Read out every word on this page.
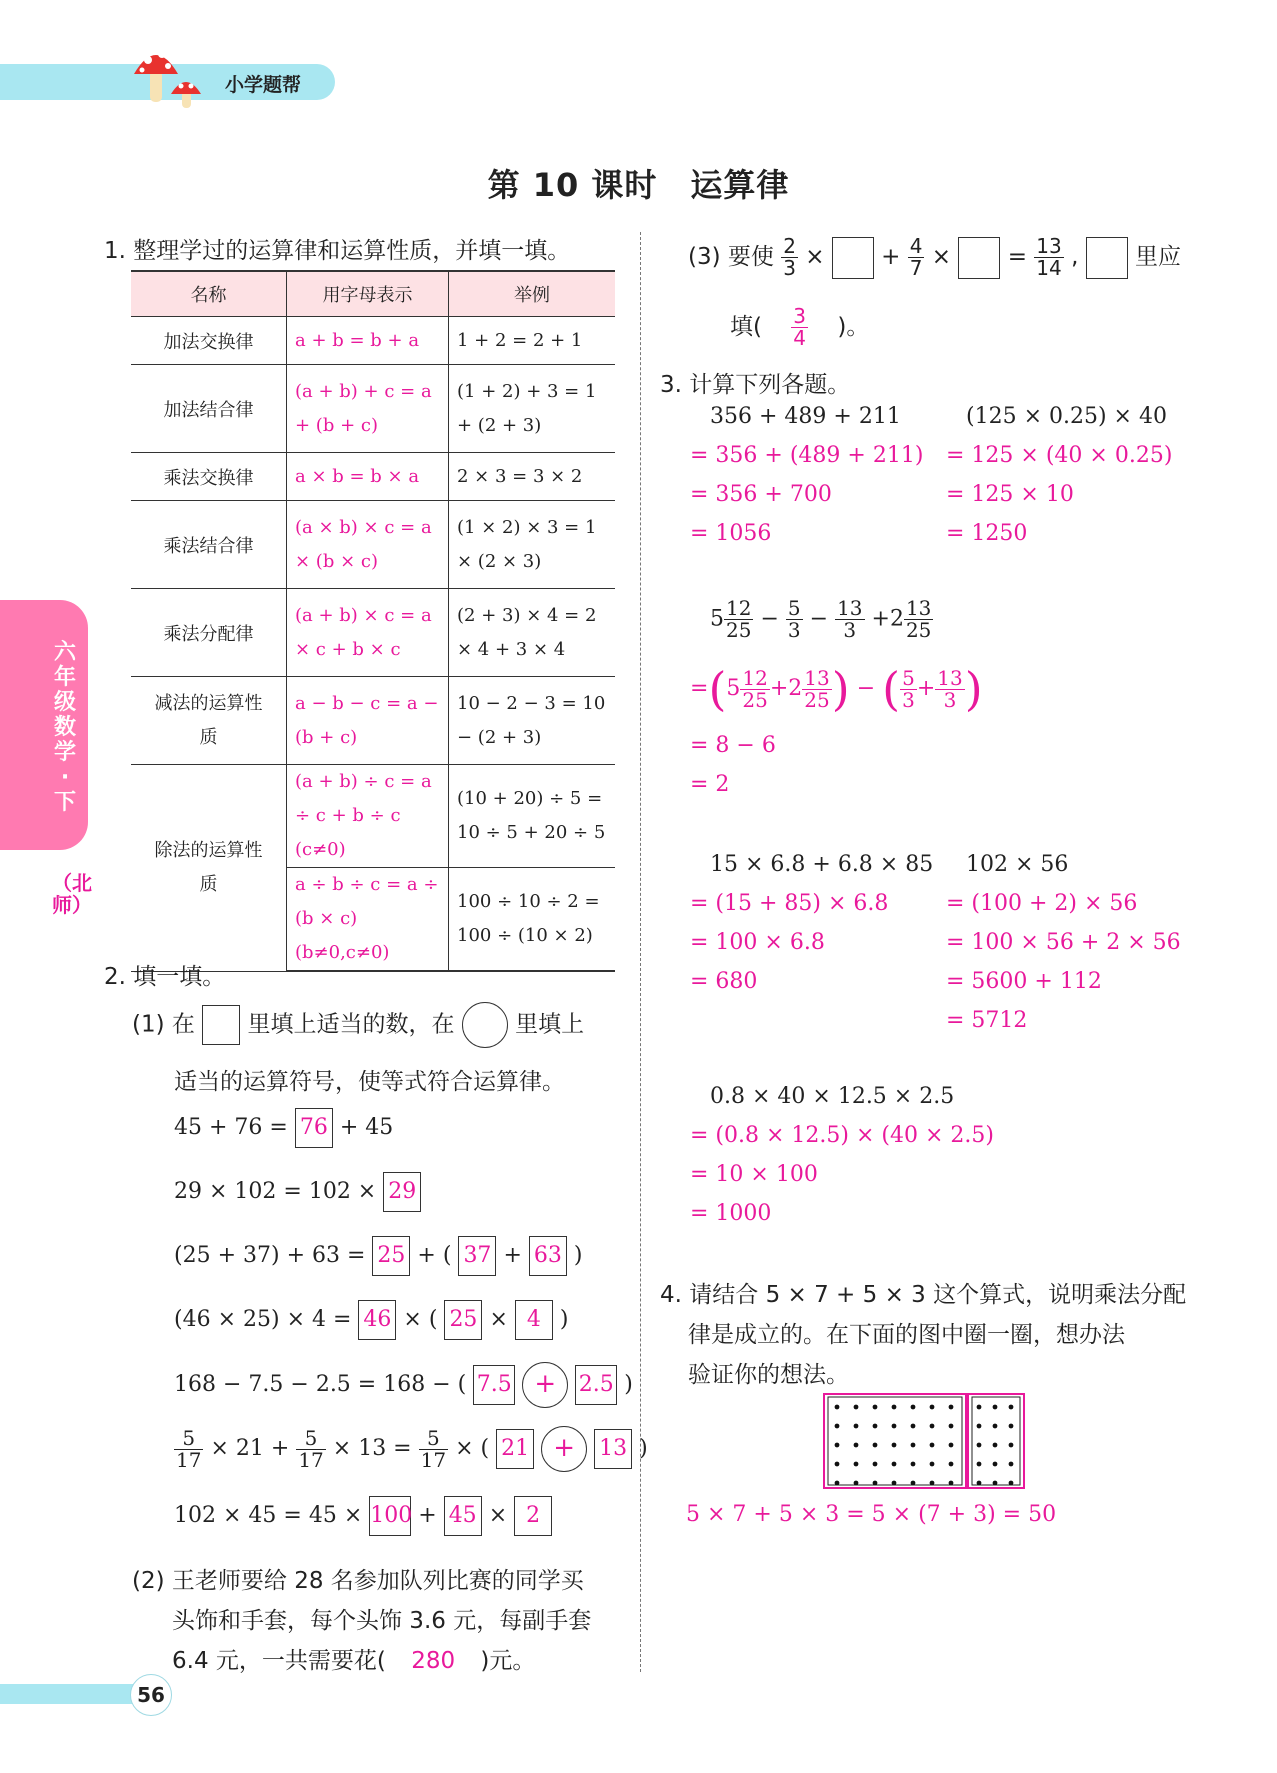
小学题帮
第 10 课时　运算律
六年级数学·下
（北师）
1. 整理学过的运算律和运算性质，并填一填。
名称	用字母表示	举例
加法交换律	a + b = b + a	1 + 2 = 2 + 1
加法结合律	(a + b) + c = a + (b + c)	(1 + 2) + 3 = 1 + (2 + 3)
乘法交换律	a × b = b × a	2 × 3 = 3 × 2
乘法结合律	(a × b) × c = a × (b × c)	(1 × 2) × 3 = 1 × (2 × 3)
乘法分配律	(a + b) × c = a × c + b × c	(2 + 3) × 4 = 2 × 4 + 3 × 4
减法的运算性质	a − b − c = a − (b + c)	10 − 2 − 3 = 10 − (2 + 3)
除法的运算性质	(a + b) ÷ c = a ÷ c + b ÷ c (c≠0)	(10 + 20) ÷ 5 = 10 ÷ 5 + 20 ÷ 5
	a ÷ b ÷ c = a ÷ (b × c) (b≠0,c≠0)	100 ÷ 10 ÷ 2 = 100 ÷ (10 × 2)
2. 填一填。
(1) 在 里填上适当的数，在	里填上
适当的运算符号，使等式符合运算律。
45 + 76 = 76 + 45
29 × 102 = 102 × 29
(25 + 37) + 63 = 25 + ( 37 + 63 )
(46 × 25) × 4 = 46 × ( 25 × 4 )
168 − 7.5 − 2.5 = 168 − ( 7.5 + 2.5 )
$\frac{5}{17} \times 21 + \frac{5}{17} \times 13 = \frac{5}{17}$ × ( 21 + 13 )
102 × 45 = 45 × 100 + 45 × 2
(2) 王老师要给 28 名参加队列比赛的同学买
头饰和手套，每个头饰 3.6 元，每副手套
6.4 元，一共需要花( 280 )元。
(3) 要使 $\frac{2}{3}$ × + $\frac{4}{7}$ × = $\frac{13}{14}$ , 里应
填( $\frac{3}{4}$ )。
3. 计算下列各题。
356 + 489 + 211
= 356 + (489 + 211)
= 356 + 700
= 1056
(125 × 0.25) × 40
= 125 × (40 × 0.25)
= 125 × 10
= 1250
$5 \frac{12}{25} - \frac{5}{3} - \frac{13}{3} +2 \frac{13}{25}$
$=(5 \frac{12}{25} +2 \frac{13}{25}$ ) − ( $\frac{5}{3} + \frac{13}{3}$ )
= 8 − 6
= 2
15 × 6.8 + 6.8 × 85
= (15 + 85) × 6.8
= 100 × 6.8
= 680
102 × 56
= (100 + 2) × 56
= 100 × 56 + 2 × 56
= 5600 + 112
= 5712
0.8 × 40 × 12.5 × 2.5
= (0.8 × 12.5) × (40 × 2.5)
= 10 × 100
= 1000
4. 请结合 5 × 7 + 5 × 3 这个算式，说明乘法分配
律是成立的。在下面的图中圈一圈，想办法
验证你的想法。
5 × 7 + 5 × 3 = 5 × (7 + 3) = 50
56
